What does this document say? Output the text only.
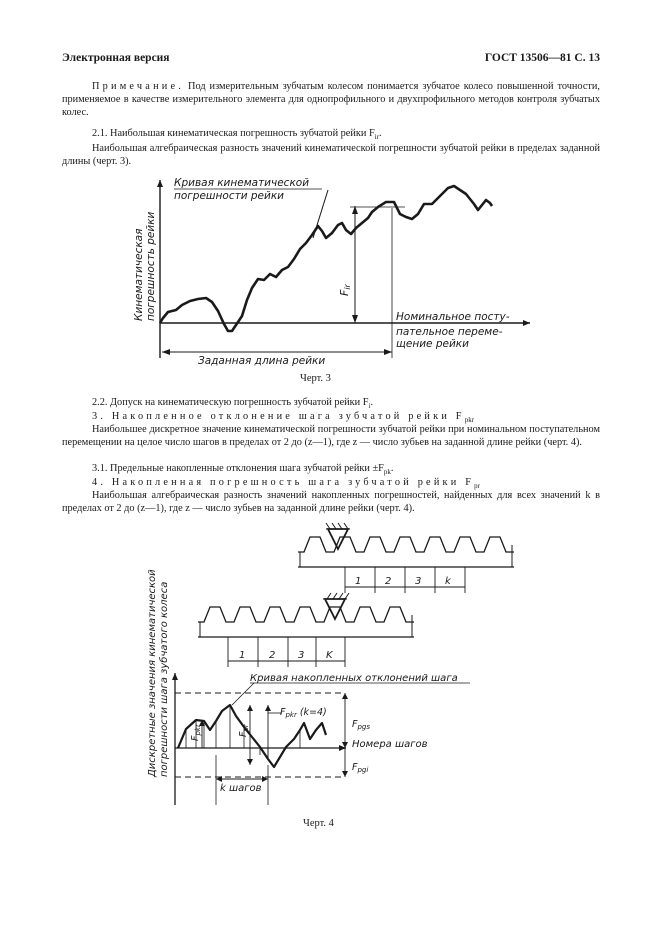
Электронная версия	ГОСТ 13506—81 С. 13

Примечание. Под измерительным зубчатым колесом понимается зубчатое колесо повышенной точности, применяемое в качестве измерительного элемента для однопрофильного и двухпрофильного методов контроля зубчатых колес.

2.1. Наибольшая кинематическая погрешность зубчатой рейки $F_{ir}$.

Наибольшая алгебраическая разность значений кинематической погрешности зубчатой рейки в пределах заданной длины (черт. 3).

Кинематическая погрешность рейки
Кривая кинематической
погрешности рейки
Fir
Номинальное посту-
пательное переме-
щение рейки
Заданная длина рейки
Черт. 3

2.2. Допуск на кинематическую погрешность зубчатой рейки $F_i$.

3. Накопленное отклонение шага зубчатой рейки $F_{pkr}$

Наибольшее дискретное значение кинематической погрешности зубчатой рейки при номинальном поступательном перемещении на целое число шагов в пределах от 2 до (z—1), где z — число зубьев на заданной длине рейки (черт. 4).

3.1. Предельные накопленные отклонения шага зубчатой рейки $\pm F_{pk}$.

4. Накопленная погрешность шага зубчатой рейки $F_{pr}$

Наибольшая алгебраическая разность значений накопленных погрешностей, найденных для всех значений k в пределах от 2 до (z—1), где z — число зубьев на заданной длине рейки (черт. 4).

1 2 3 k
1 2 3 K
Дискретные значения кинематической погрешности шага зубчатого колеса $F_{pkr}$	$F_{pr}$
$F_{pkr}$ (k=4)
Кривая накопленных отклонений шага
$F_{pgs}$
$F_{pgi}$
Номера шагов
k шагов
Черт. 4
